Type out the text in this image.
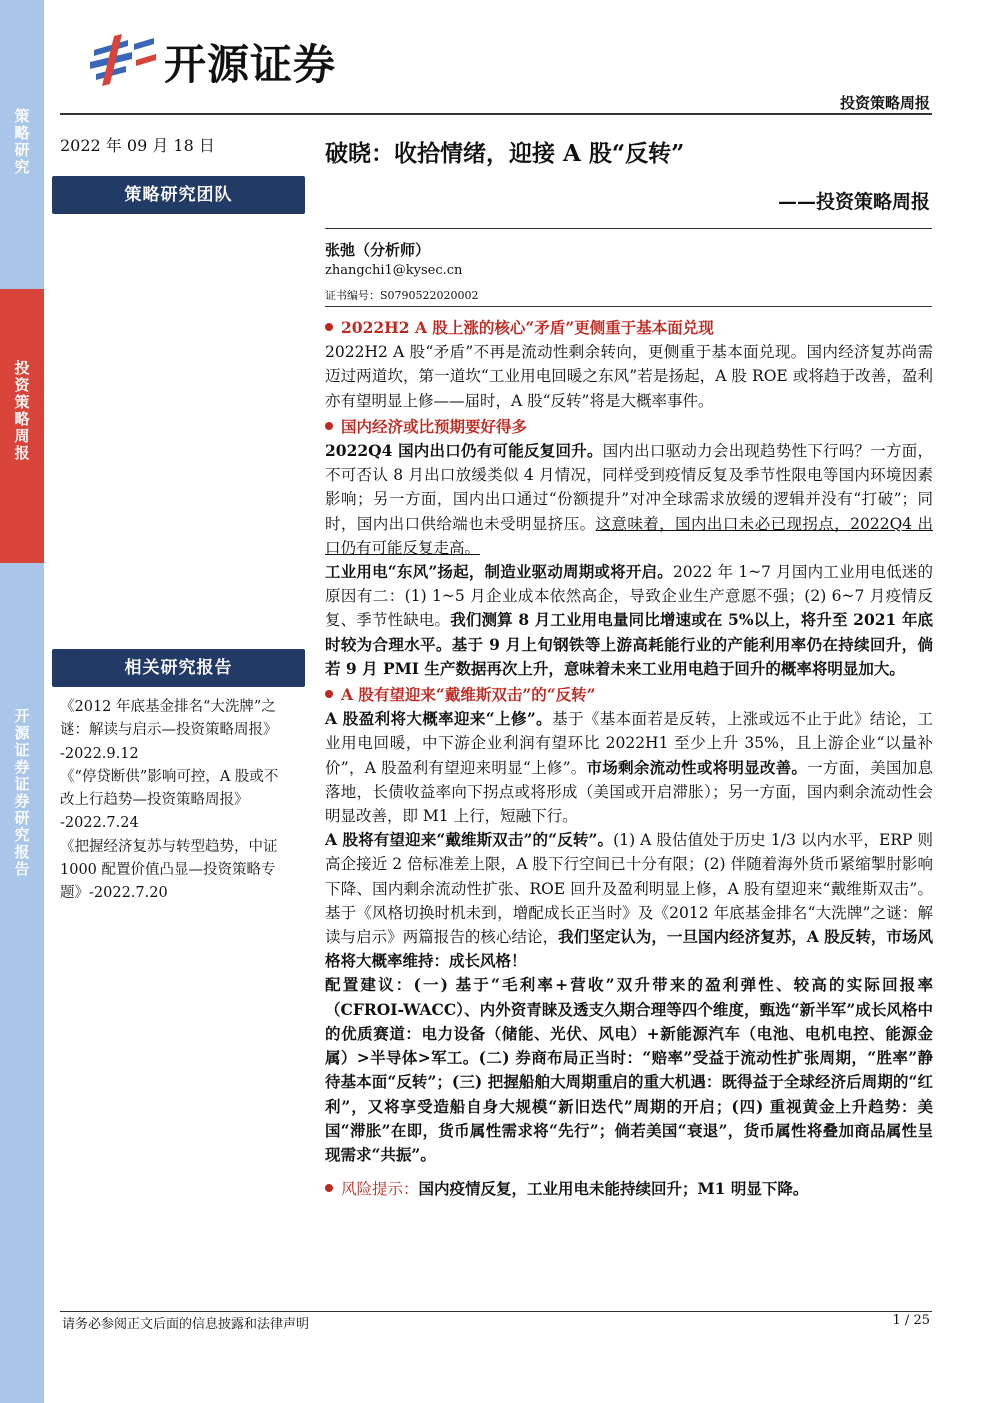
策略研究
投资策略周报
开源证券 证券研究报告
开源证券
投资策略周报
2022 年 09 月 18 日
策略研究团队
相关研究报告
《2012 年底基金排名“大洗牌”之
谜：解读与启示—投资策略周报》
-2022.9.12
《“停贷断供”影响可控，A 股或不
改上行趋势—投资策略周报》
-2022.7.24
《把握经济复苏与转型趋势，中证
1000 配置价值凸显—投资策略专
题》-2022.7.20
破晓：收拾情绪，迎接 A 股“反转”
——投资策略周报
张弛（分析师）
zhangchi1@kysec.cn
证书编号：S0790522020002

2022H2 A 股上涨的核心“矛盾”更侧重于基本面兑现

2022H2 A 股“矛盾”不再是流动性剩余转向，更侧重于基本面兑现。国内经济复苏尚需迈过两道坎，第一道坎“工业用电回暖之东风”若是扬起，A 股 ROE 或将趋于改善，盈利亦有望明显上修——届时，A 股“反转”将是大概率事件。

国内经济或比预期要好得多

2022Q4 国内出口仍有可能反复回升。国内出口驱动力会出现趋势性下行吗？一方面，不可否认 8 月出口放缓类似 4 月情况，同样受到疫情反复及季节性限电等国内环境因素影响；另一方面，国内出口通过“份额提升”对冲全球需求放缓的逻辑并没有“打破”；同时，国内出口供给端也未受明显挤压。这意味着，国内出口未必已现拐点，2022Q4 出口仍有可能反复走高。

工业用电“东风”扬起，制造业驱动周期或将开启。2022 年 1~7 月国内工业用电低迷的原因有二：(1) 1~5 月企业成本依然高企，导致企业生产意愿不强；(2) 6~7 月疫情反复、季节性缺电。我们测算 8 月工业用电量同比增速或在 5%以上，将升至 2021 年底时较为合理水平。基于 9 月上旬钢铁等上游高耗能行业的产能利用率仍在持续回升，倘若 9 月 PMI 生产数据再次上升，意味着未来工业用电趋于回升的概率将明显加大。

A 股有望迎来“戴维斯双击”的“反转”

A 股盈利将大概率迎来“上修”。基于《基本面若是反转，上涨或远不止于此》结论，工业用电回暖，中下游企业利润有望环比 2022H1 至少上升 35%，且上游企业“以量补价”，A 股盈利有望迎来明显“上修”。市场剩余流动性或将明显改善。一方面，美国加息落地，长债收益率向下拐点或将形成（美国或开启滞胀）；另一方面，国内剩余流动性会明显改善，即 M1 上行，短融下行。

A 股将有望迎来“戴维斯双击”的“反转”。(1) A 股估值处于历史 1/3 以内水平，ERP 则高企接近 2 倍标准差上限，A 股下行空间已十分有限；(2) 伴随着海外货币紧缩掣肘影响下降、国内剩余流动性扩张、ROE 回升及盈利明显上修，A 股有望迎来“戴维斯双击”。基于《风格切换时机未到，增配成长正当时》及《2012 年底基金排名“大洗牌”之谜：解读与启示》两篇报告的核心结论，我们坚定认为，一旦国内经济复苏，A 股反转，市场风格将大概率维持：成长风格！

配置建议：(一) 基于“毛利率+营收”双升带来的盈利弹性、较高的实际回报率（CFROI-WACC）、内外资青睐及透支久期合理等四个维度，甄选“新半军”成长风格中的优质赛道：电力设备（储能、光伏、风电）+新能源汽车（电池、电机电控、能源金属）>半导体>军工。(二) 券商布局正当时：“赔率”受益于流动性扩张周期，“胜率”静待基本面“反转”；(三) 把握船舶大周期重启的重大机遇：既得益于全球经济后周期的“红利”，又将享受造船自身大规模“新旧迭代”周期的开启；(四) 重视黄金上升趋势：美国“滞胀”在即，货币属性需求将“先行”；倘若美国“衰退”，货币属性将叠加商品属性呈现需求“共振”。

风险提示：国内疫情反复，工业用电未能持续回升；M1 明显下降。

请务必参阅正文后面的信息披露和法律声明	1 / 25
